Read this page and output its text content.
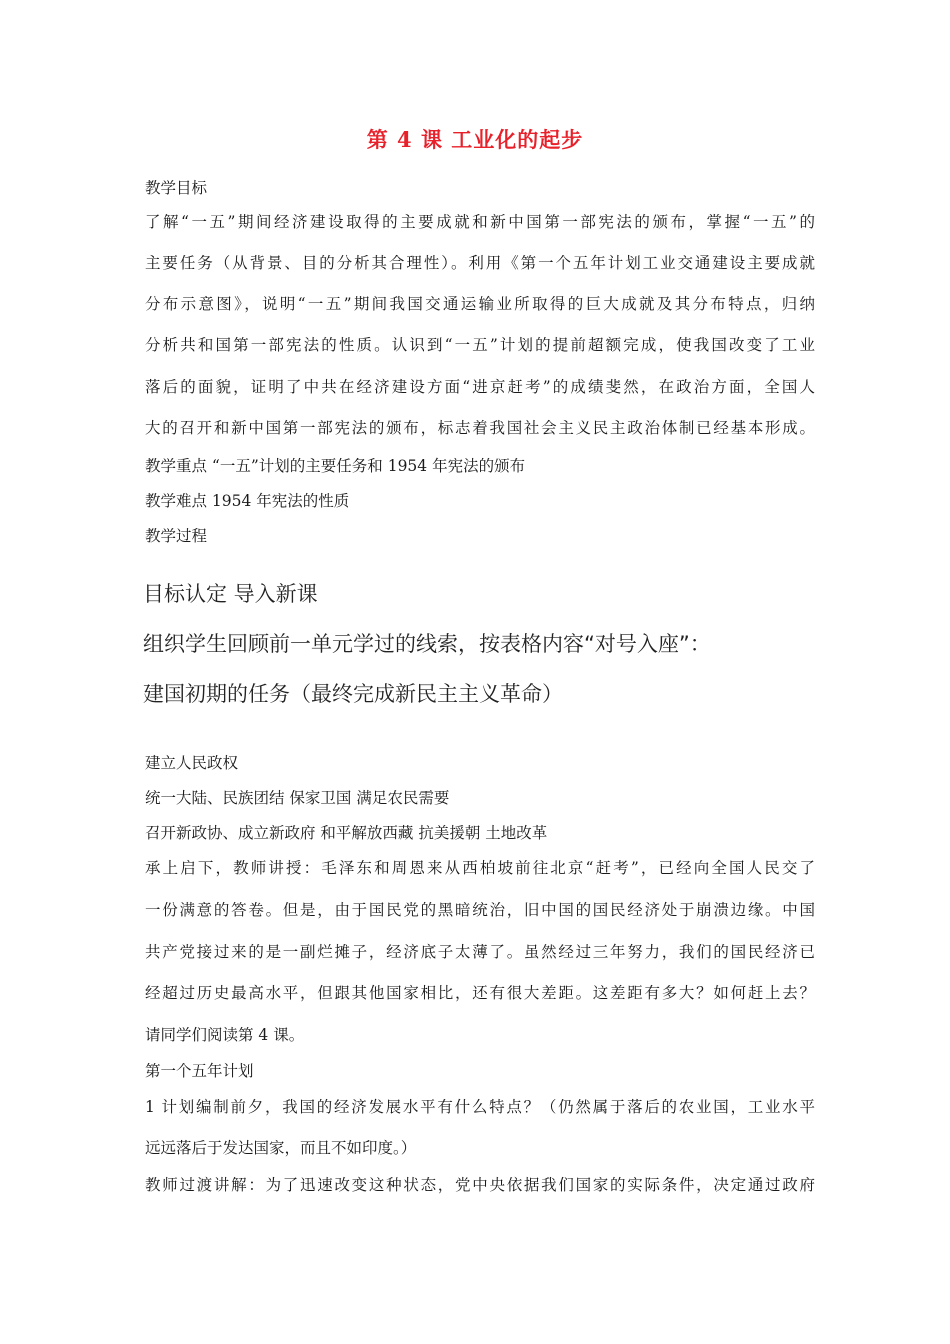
第 4 课 工业化的起步
教学目标
了解“一五”期间经济建设取得的主要成就和新中国第一部宪法的颁布，掌握“一五”的
主要任务（从背景、目的分析其合理性）。利用《第一个五年计划工业交通建设主要成就
分布示意图》，说明“一五”期间我国交通运输业所取得的巨大成就及其分布特点，归纳
分析共和国第一部宪法的性质。认识到“一五”计划的提前超额完成，使我国改变了工业
落后的面貌，证明了中共在经济建设方面“进京赶考”的成绩斐然，在政治方面，全国人
大的召开和新中国第一部宪法的颁布，标志着我国社会主义民主政治体制已经基本形成。
教学重点 “一五”计划的主要任务和 1954 年宪法的颁布
教学难点 1954 年宪法的性质
教学过程
目标认定 导入新课
组织学生回顾前一单元学过的线索，按表格内容“对号入座”：
建国初期的任务（最终完成新民主主义革命）
建立人民政权
统一大陆、民族团结 保家卫国 满足农民需要
召开新政协、成立新政府 和平解放西藏 抗美援朝 土地改革
承上启下，教师讲授：毛泽东和周恩来从西柏坡前往北京“赶考”，已经向全国人民交了
一份满意的答卷。但是，由于国民党的黑暗统治，旧中国的国民经济处于崩溃边缘。中国
共产党接过来的是一副烂摊子，经济底子太薄了。虽然经过三年努力，我们的国民经济已
经超过历史最高水平，但跟其他国家相比，还有很大差距。这差距有多大？如何赶上去？
请同学们阅读第 4 课。
第一个五年计划
1 计划编制前夕，我国的经济发展水平有什么特点？（仍然属于落后的农业国，工业水平
远远落后于发达国家，而且不如印度。）
教师过渡讲解：为了迅速改变这种状态，党中央依据我们国家的实际条件，决定通过政府
